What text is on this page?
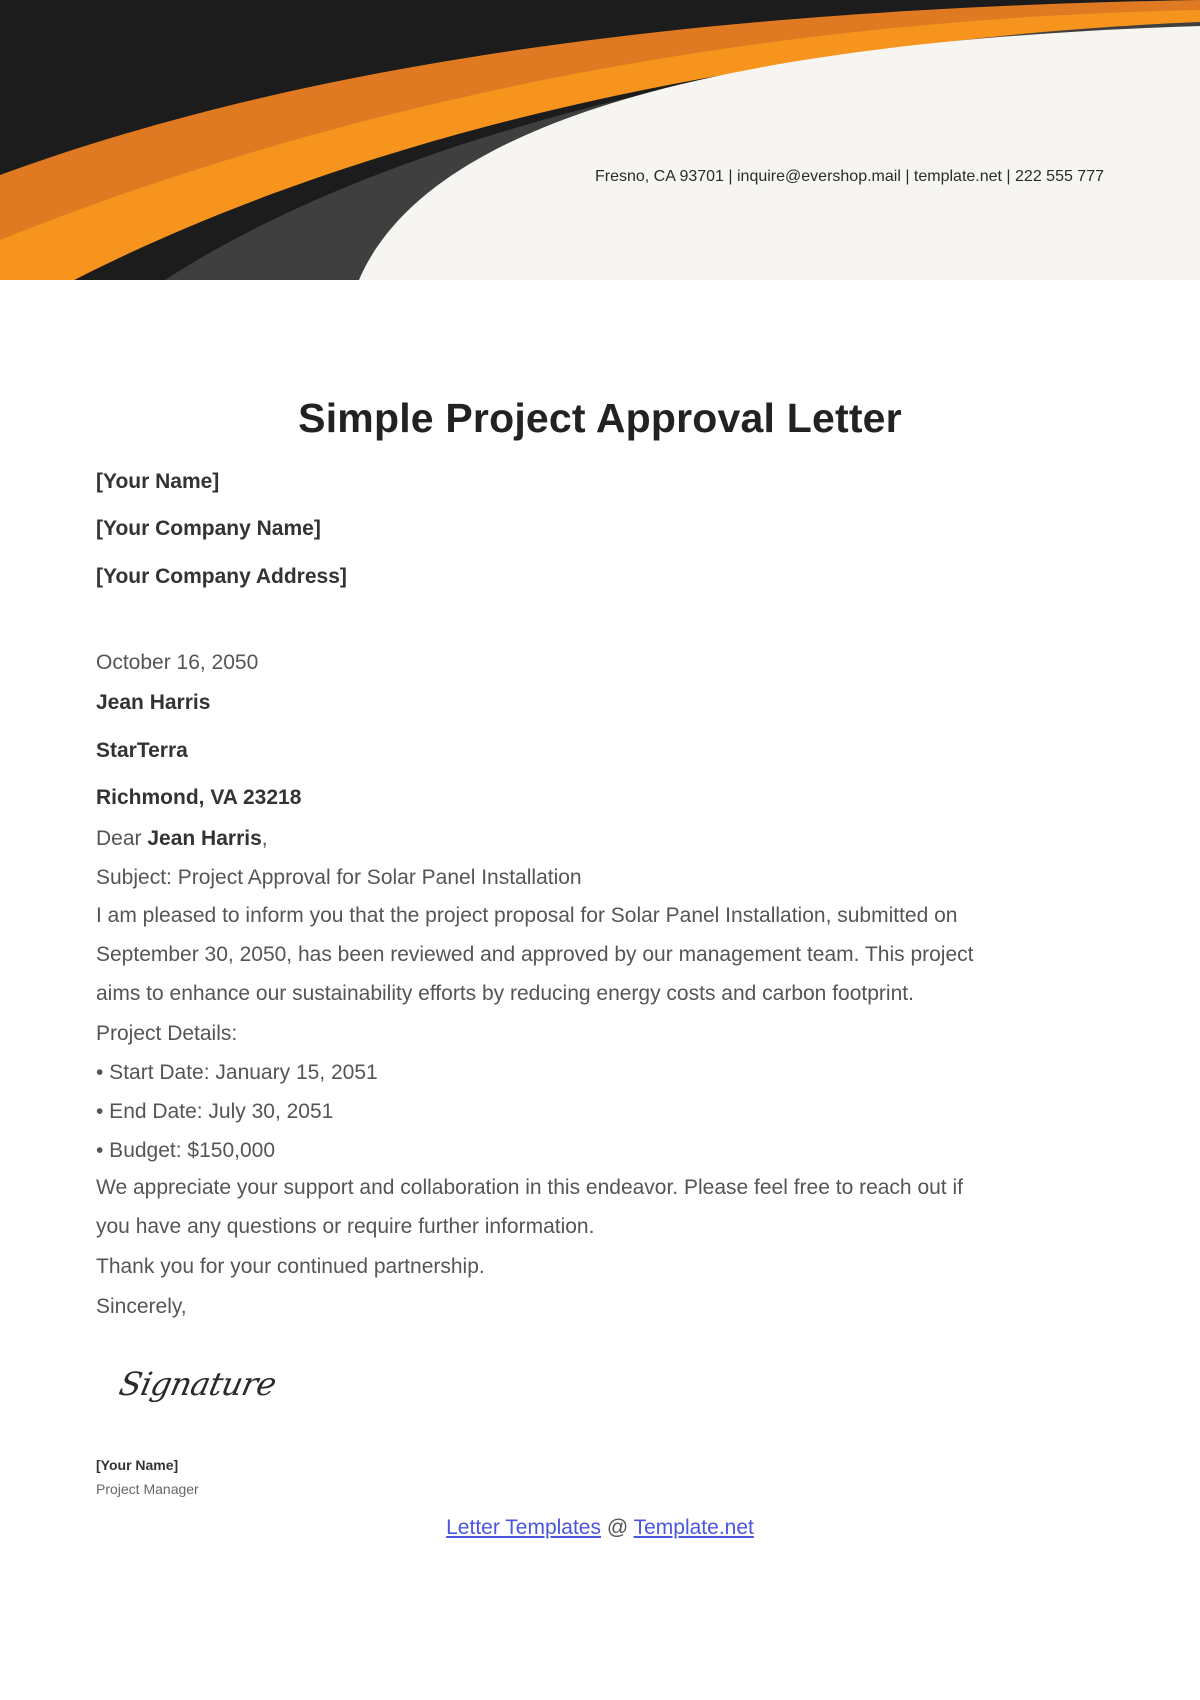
Fresno, CA 93701 | inquire@evershop.mail | template.net | 222 555 777
Simple Project Approval Letter
[Your Name]
[Your Company Name]
[Your Company Address]
October 16, 2050
Jean Harris
StarTerra
Richmond, VA 23218
Dear Jean Harris,
Subject: Project Approval for Solar Panel Installation
I am pleased to inform you that the project proposal for Solar Panel Installation, submitted on
September 30, 2050, has been reviewed and approved by our management team. This project
aims to enhance our sustainability efforts by reducing energy costs and carbon footprint.
Project Details:
• Start Date: January 15, 2051
• End Date: July 30, 2051
• Budget: $150,000
We appreciate your support and collaboration in this endeavor. Please feel free to reach out if
you have any questions or require further information.
Thank you for your continued partnership.
Sincerely,
Signature
[Your Name]
Project Manager
Letter Templates @ Template.net
